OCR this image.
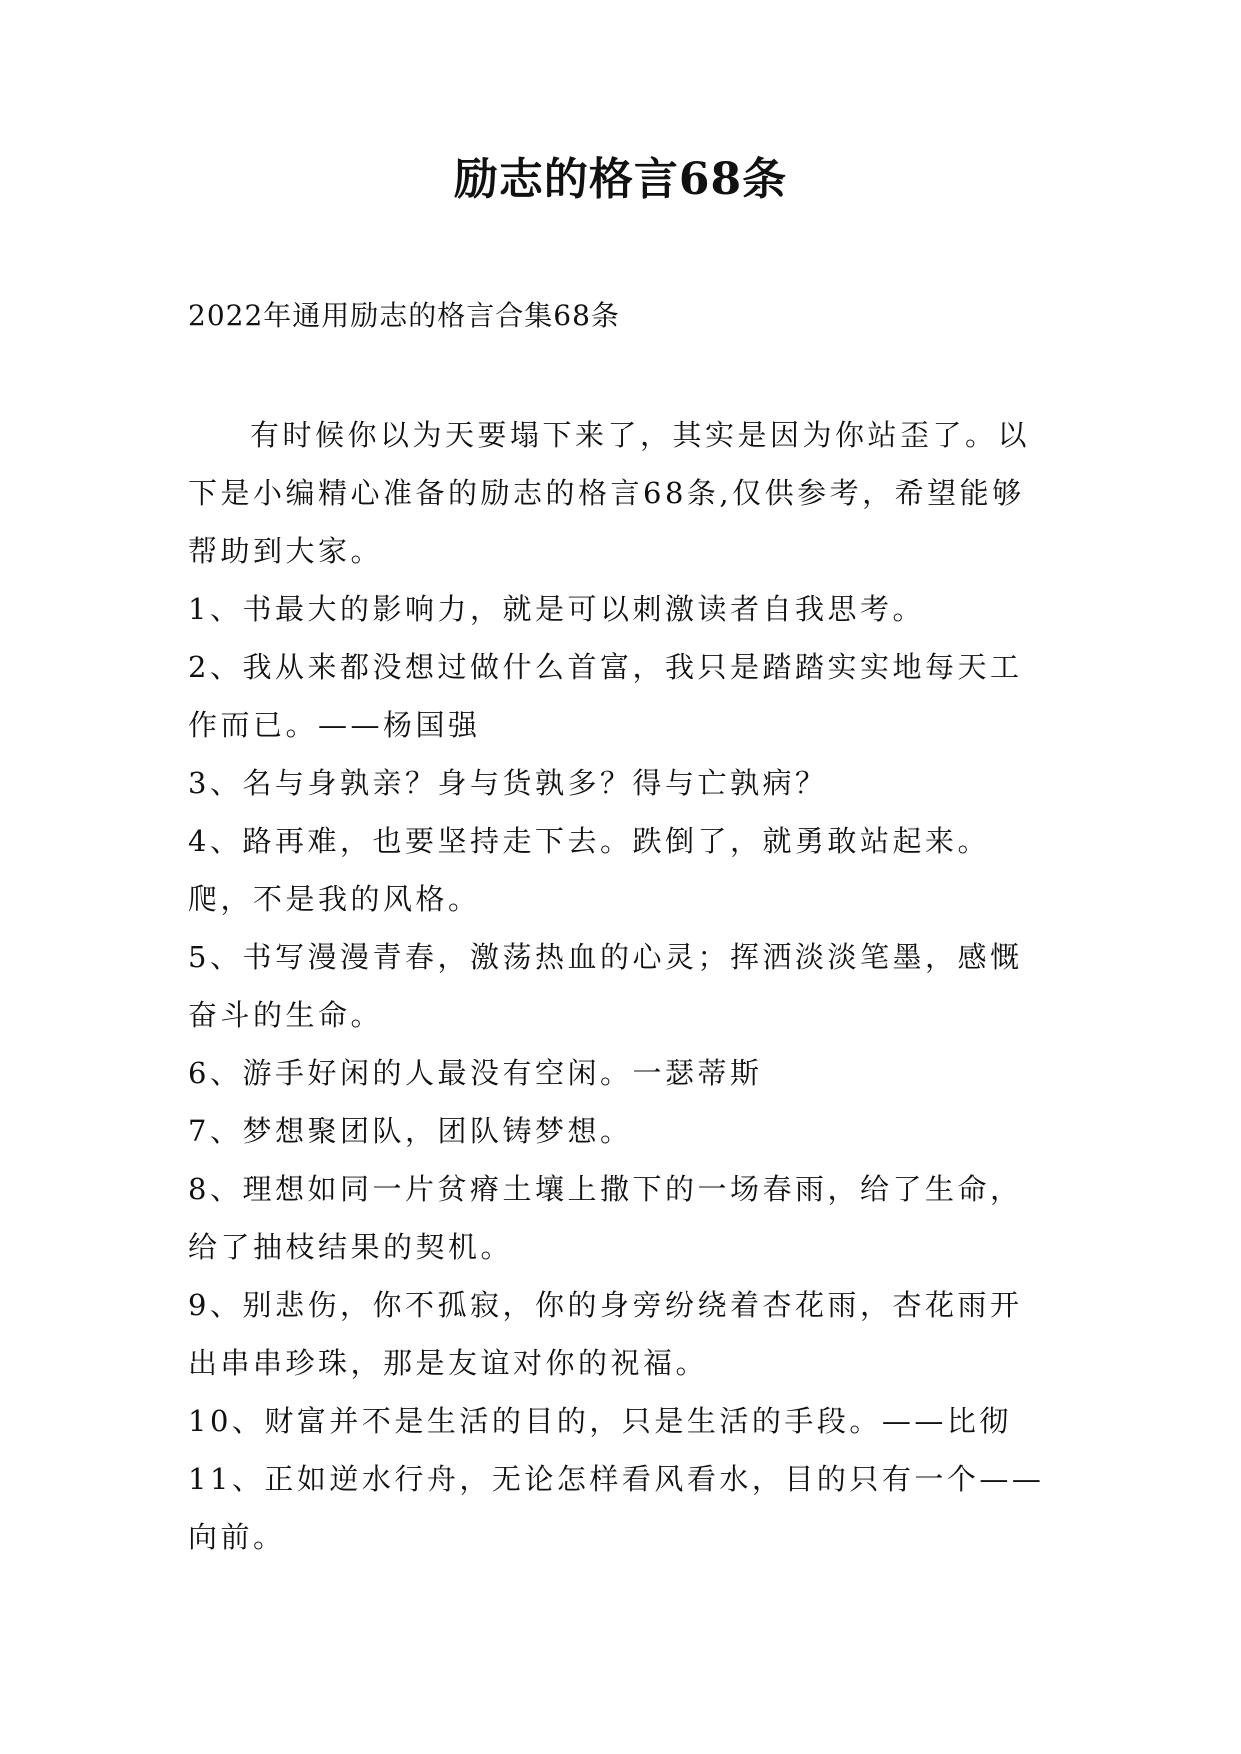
励志的格言68条
2022年通用励志的格言合集68条

有时候你以为天要塌下来了，其实是因为你站歪了。以下是小编精心准备的励志的格言68条,仅供参考，希望能够帮助到大家。

1、书最大的影响力，就是可以刺激读者自我思考。

2、我从来都没想过做什么首富，我只是踏踏实实地每天工作而已。——杨国强

3、名与身孰亲？身与货孰多？得与亡孰病？

4、路再难，也要坚持走下去。跌倒了，就勇敢站起来。爬，不是我的风格。

5、书写漫漫青春，激荡热血的心灵；挥洒淡淡笔墨，感慨奋斗的生命。

6、游手好闲的人最没有空闲。一瑟蒂斯

7、梦想聚团队，团队铸梦想。

8、理想如同一片贫瘠土壤上撒下的一场春雨，给了生命，给了抽枝结果的契机。

9、别悲伤，你不孤寂，你的身旁纷绕着杏花雨，杏花雨开出串串珍珠，那是友谊对你的祝福。

10、财富并不是生活的目的，只是生活的手段。——比彻

11、正如逆水行舟，无论怎样看风看水，目的只有一个——向前。
